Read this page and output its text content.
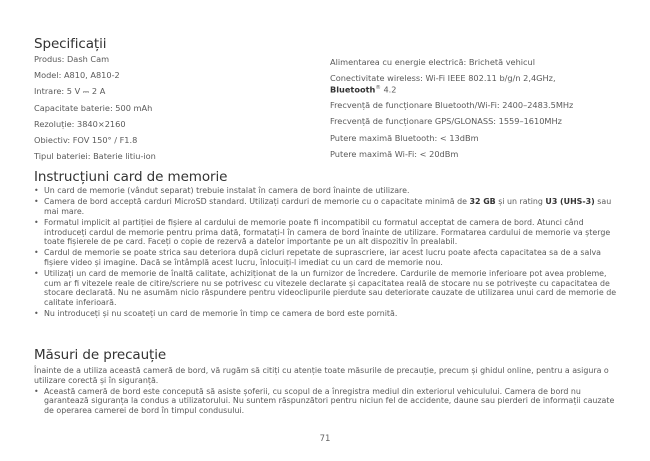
Specificații
Produs: Dash Cam
Model: A810, A810-2
Intrare: 5 V ⎓ 2 A
Capacitate baterie: 500 mAh
Rezoluție: 3840×2160
Obiectiv: FOV 150° / F1.8
Tipul bateriei: Baterie litiu-ion
Alimentarea cu energie electrică: Brichetă vehicul
Conectivitate wireless: Wi-Fi IEEE 802.11 b/g/n 2,4GHz,
Bluetooth® 4.2
Frecvență de funcționare Bluetooth/Wi-Fi: 2400–2483.5MHz
Frecvență de funcționare GPS/GLONASS: 1559–1610MHz
Putere maximă Bluetooth: < 13dBm
Putere maximă Wi-Fi: < 20dBm
Instrucțiuni card de memorie
• Un card de memorie (vândut separat) trebuie instalat în camera de bord înainte de utilizare.
• Camera de bord acceptă carduri MicroSD standard. Utilizați carduri de memorie cu o capacitate minimă de 32 GB și un rating U3 (UHS-3) sau mai mare.
• Formatul implicit al partiției de fișiere al cardului de memorie poate fi incompatibil cu formatul acceptat de camera de bord. Atunci când introduceți cardul de memorie pentru prima dată, formatați-l în camera de bord înainte de utilizare. Formatarea cardului de memorie va șterge toate fișierele de pe card. Faceți o copie de rezervă a datelor importante pe un alt dispozitiv în prealabil.
• Cardul de memorie se poate strica sau deteriora după cicluri repetate de suprascriere, iar acest lucru poate afecta capacitatea sa de a salva fișiere video și imagine. Dacă se întâmplă acest lucru, înlocuiți-l imediat cu un card de memorie nou.
• Utilizați un card de memorie de înaltă calitate, achiziționat de la un furnizor de încredere. Cardurile de memorie inferioare pot avea probleme, cum ar fi vitezele reale de citire/scriere nu se potrivesc cu vitezele declarate și capacitatea reală de stocare nu se potrivește cu capacitatea de stocare declarată. Nu ne asumăm nicio răspundere pentru videoclipurile pierdute sau deteriorate cauzate de utilizarea unui card de memorie de calitate inferioară.
• Nu introduceți și nu scoateți un card de memorie în timp ce camera de bord este pornită.
Măsuri de precauție

Înainte de a utiliza această cameră de bord, vă rugăm să citiți cu atenție toate măsurile de precauție, precum și ghidul online, pentru a asigura o utilizare corectă și în siguranță.

• Această cameră de bord este concepută să asiste șoferii, cu scopul de a înregistra mediul din exteriorul vehiculului. Camera de bord nu garantează siguranța la condus a utilizatorului. Nu suntem răspunzători pentru niciun fel de accidente, daune sau pierderi de informații cauzate de operarea camerei de bord în timpul condusului.
71
